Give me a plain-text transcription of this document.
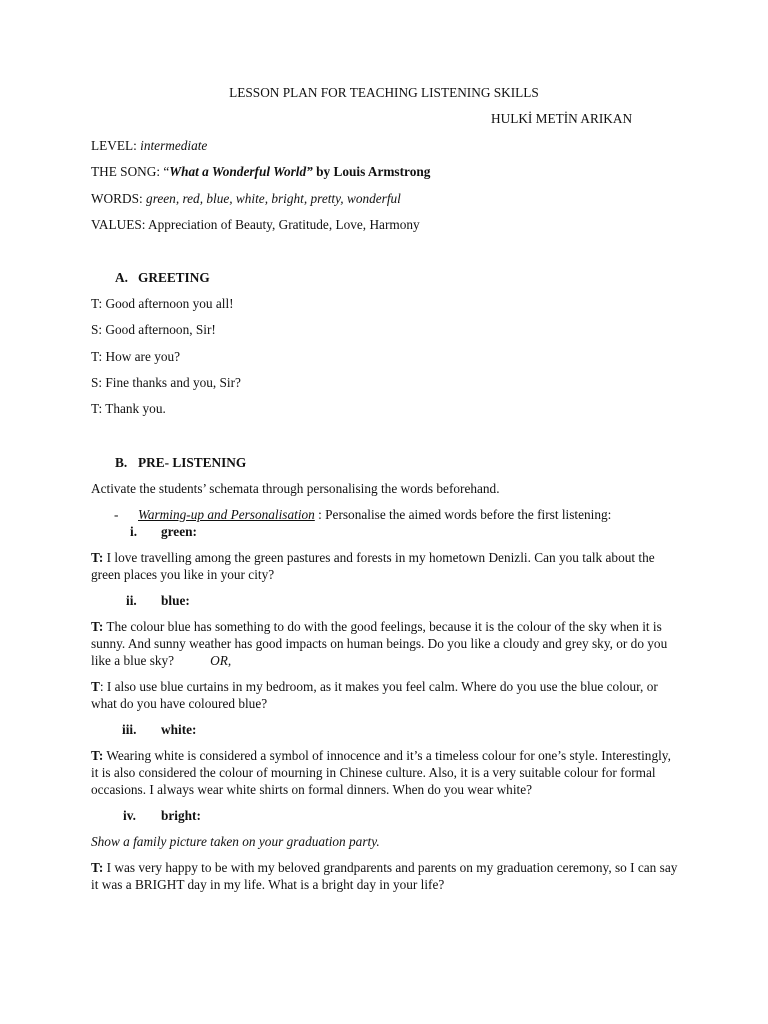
LESSON PLAN FOR TEACHING LISTENING SKILLS
HULKİ METİN ARIKAN
LEVEL: intermediate
THE SONG: “What a Wonderful World” by Louis Armstrong
WORDS: green, red, blue, white, bright, pretty, wonderful
VALUES: Appreciation of Beauty, Gratitude, Love, Harmony
A. GREETING
T: Good afternoon you all!
S: Good afternoon, Sir!
T: How are you?
S: Fine thanks and you, Sir?
T: Thank you.
B. PRE- LISTENING
Activate the students’ schemata through personalising the words beforehand.
- Warming-up and Personalisation : Personalise the aimed words before the first listening:
i. green:
T: I love travelling among the green pastures and forests in my hometown Denizli. Can you talk about the green places you like in your city?
ii. blue:
T: The colour blue has something to do with the good feelings, because it is the colour of the sky when it is sunny. And sunny weather has good impacts on human beings. Do you like a cloudy and grey sky, or do you like a blue sky?	OR,
T: I also use blue curtains in my bedroom, as it makes you feel calm. Where do you use the blue colour, or what do you have coloured blue?
iii. white:
T: Wearing white is considered a symbol of innocence and it’s a timeless colour for one’s style. Interestingly, it is also considered the colour of mourning in Chinese culture. Also, it is a very suitable colour for formal occasions. I always wear white shirts on formal dinners. When do you wear white?
iv. bright:
Show a family picture taken on your graduation party.
T: I was very happy to be with my beloved grandparents and parents on my graduation ceremony, so I can say it was a BRIGHT day in my life. What is a bright day in your life?
